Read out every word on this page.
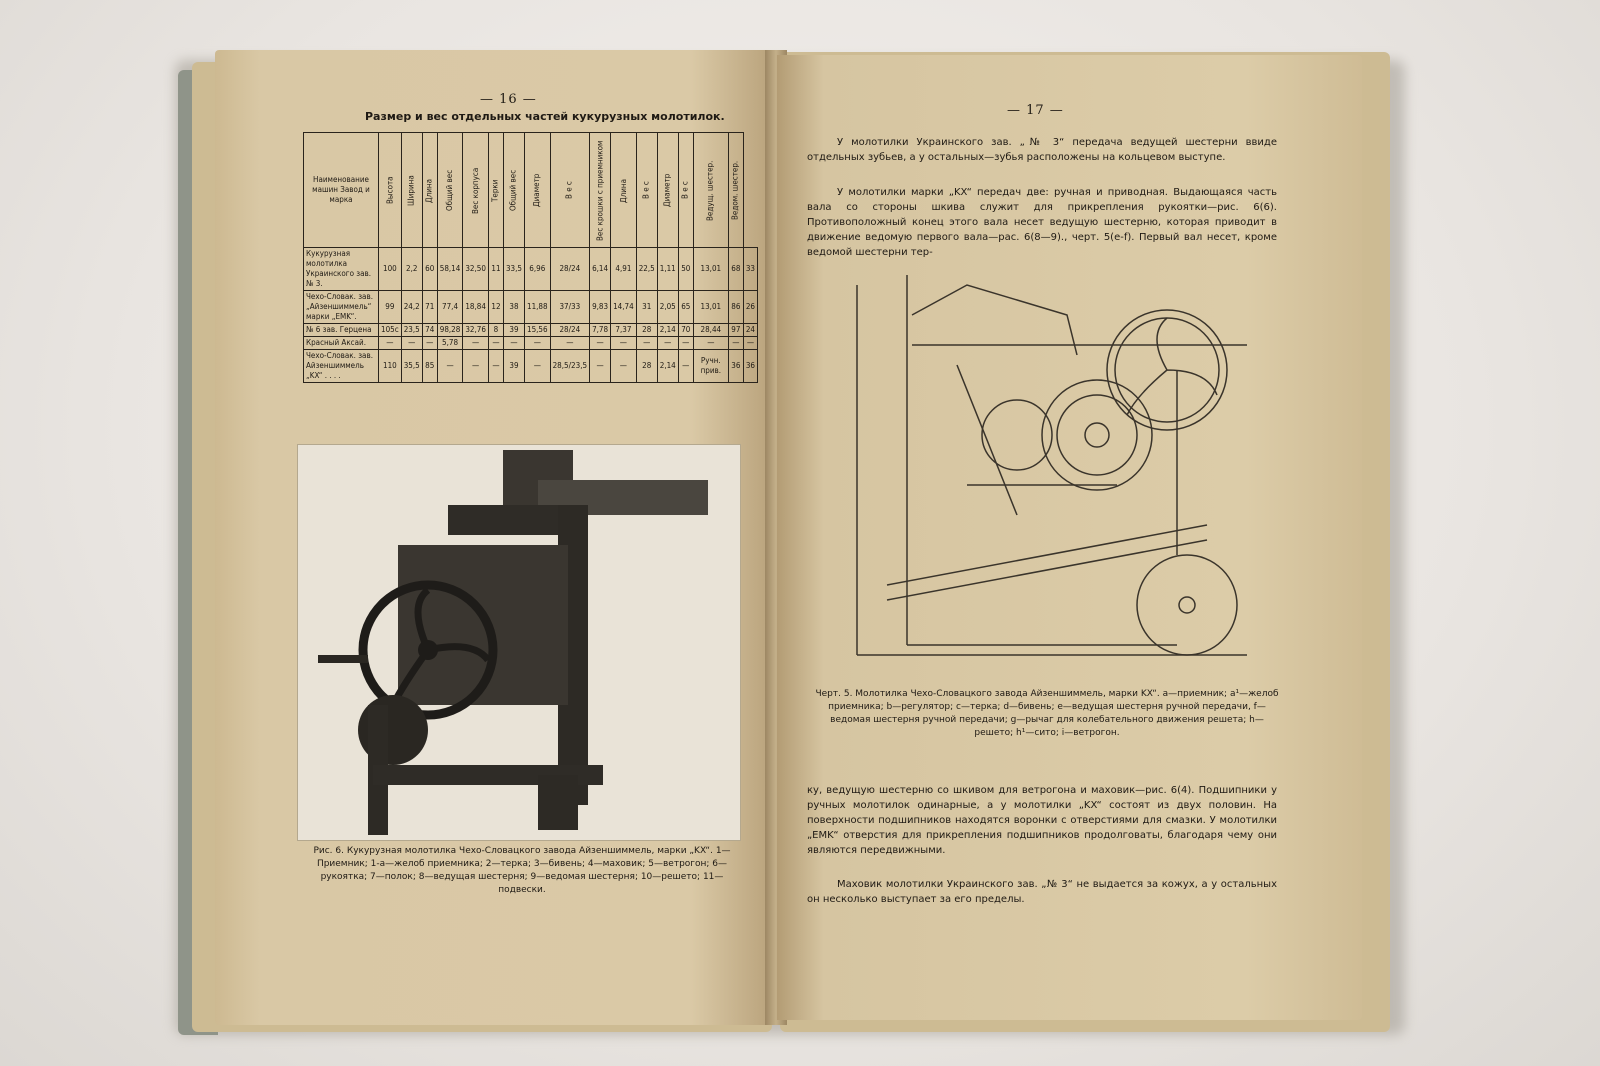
— 16 —
Размер и вес отдельных частей кукурузных молотилок.
Наименование машин Завод и марка	Высота	Ширина	Длина	Общий вес	Вес корпуса	Терки	Общий вес	Диаметр	В е с	Вес крошки с приемником	Длина	В е с	Диаметр	В е с	Ведущ. шестер.	Ведом. шестер.	
Кукурузная молотилка Украинского зав. № 3.	100	2,2	60	58,14	32,50	11	33,5	6,96	28/24	6,14	4,91	22,5	1,11	50	13,01	68	33
Чехо-Словак. зав. „Айзеншиммель“ марки „EMK“.	99	24,2	71	77,4	18,84	12	38	11,88	37/33	9,83	14,74	31	2,05	65	13,01	86	26
№ 6 зав. Герцена	105c	23,5	74	98,28	32,76	8	39	15,56	28/24	7,78	7,37	28	2,14	70	28,44	97	24
Красный Аксай.	—	—	—	5,78	—	—	—	—	—	—	—	—	—	—	—	—	—
Чехо-Словак. зав. Айзеншиммель „KX“ . . . .	110	35,5	85	—	—	—	39	—	28,5/23,5	—	—	28	2,14	—	Ручн. прив.	36	36
Рис. 6. Кукурузная молотилка Чехо-Словацкого завода Айзеншиммель, марки „KX“. 1—Приемник; 1-а—желоб приемника; 2—терка; 3—бивень; 4—маховик; 5—ветрогон; 6—рукоятка; 7—полок; 8—ведущая шестерня; 9—ведомая шестерня; 10—решето; 11—подвески.
— 17 —
У молотилки Украинского зав. „№ 3“ передача ведущей шестерни ввиде отдельных зубьев, а у остальных—зубья расположены на кольцевом выступе.
У молотилки марки „KX“ передач две: ручная и приводная. Выдающаяся часть вала со стороны шкива служит для прикрепления рукоятки—рис. 6(6). Противоположный конец этого вала несет ведущую шестерню, которая приводит в движение ведомую первого вала—рас. 6(8—9)., черт. 5(е-f). Первый вал несет, кроме ведомой шестерни тер-
Черт. 5. Молотилка Чехо-Словацкого завода Айзеншиммель, марки KX“. а—приемник; a¹—желоб приемника; b—регулятор; с—терка; d—бивень; е—ведущая шестерня ручной передачи, f—ведомая шестерня ручной передачи; g—рычаг для колебательного движения решета; h—решето; h¹—сито; i—ветрогон.
ку, ведущую шестерню со шкивом для ветрогона и маховик—рис. 6(4). Подшипники у ручных молотилок одинарные, а у молотилки „KX“ состоят из двух половин. На поверхности подшипников находятся воронки с отверстиями для смазки. У молотилки „EMK“ отверстия для прикрепления подшипников продолговаты, благодаря чему они являются передвижными.
Маховик молотилки Украинского зав. „№ 3“ не выдается за кожух, а у остальных он несколько выступает за его пределы.
